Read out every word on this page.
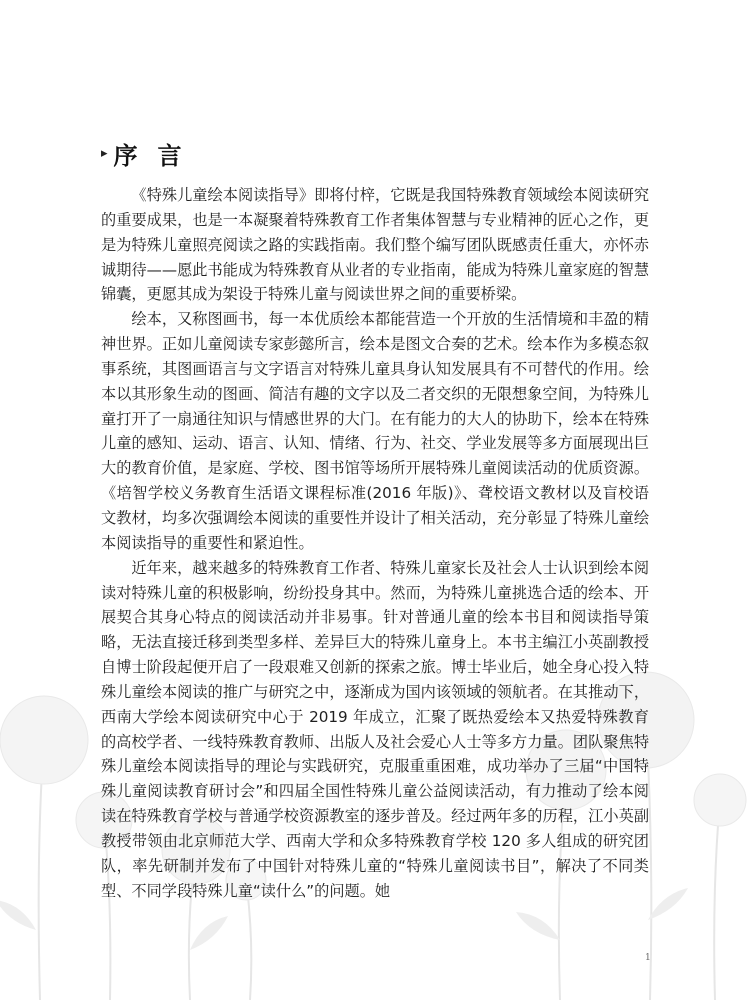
▸ 序言

《特殊儿童绘本阅读指导》即将付梓，它既是我国特殊教育领域绘本阅读研究的重要成果，也是一本凝聚着特殊教育工作者集体智慧与专业精神的匠心之作，更是为特殊儿童照亮阅读之路的实践指南。我们整个编写团队既感责任重大，亦怀赤诚期待——愿此书能成为特殊教育从业者的专业指南，能成为特殊儿童家庭的智慧锦囊，更愿其成为架设于特殊儿童与阅读世界之间的重要桥梁。

绘本，又称图画书，每一本优质绘本都能营造一个开放的生活情境和丰盈的精神世界。正如儿童阅读专家彭懿所言，绘本是图文合奏的艺术。绘本作为多模态叙事系统，其图画语言与文字语言对特殊儿童具身认知发展具有不可替代的作用。绘本以其形象生动的图画、简洁有趣的文字以及二者交织的无限想象空间，为特殊儿童打开了一扇通往知识与情感世界的大门。在有能力的大人的协助下，绘本在特殊儿童的感知、运动、语言、认知、情绪、行为、社交、学业发展等多方面展现出巨大的教育价值，是家庭、学校、图书馆等场所开展特殊儿童阅读活动的优质资源。《培智学校义务教育生活语文课程标准(2016 年版)》、聋校语文教材以及盲校语文教材，均多次强调绘本阅读的重要性并设计了相关活动，充分彰显了特殊儿童绘本阅读指导的重要性和紧迫性。

近年来，越来越多的特殊教育工作者、特殊儿童家长及社会人士认识到绘本阅读对特殊儿童的积极影响，纷纷投身其中。然而，为特殊儿童挑选合适的绘本、开展契合其身心特点的阅读活动并非易事。针对普通儿童的绘本书目和阅读指导策略，无法直接迁移到类型多样、差异巨大的特殊儿童身上。本书主编江小英副教授自博士阶段起便开启了一段艰难又创新的探索之旅。博士毕业后，她全身心投入特殊儿童绘本阅读的推广与研究之中，逐渐成为国内该领域的领航者。在其推动下，西南大学绘本阅读研究中心于 2019 年成立，汇聚了既热爱绘本又热爱特殊教育的高校学者、一线特殊教育教师、出版人及社会爱心人士等多方力量。团队聚焦特殊儿童绘本阅读指导的理论与实践研究，克服重重困难，成功举办了三届“中国特殊儿童阅读教育研讨会”和四届全国性特殊儿童公益阅读活动，有力推动了绘本阅读在特殊教育学校与普通学校资源教室的逐步普及。经过两年多的历程，江小英副教授带领由北京师范大学、西南大学和众多特殊教育学校 120 多人组成的研究团队，率先研制并发布了中国针对特殊儿童的“特殊儿童阅读书目”，解决了不同类型、不同学段特殊儿童“读什么”的问题。她

1
